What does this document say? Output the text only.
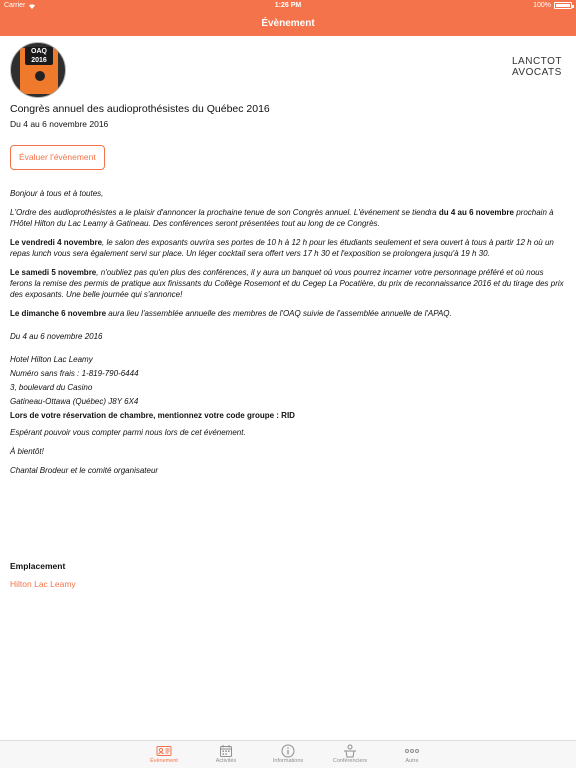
Carrier	1:26 PM	100%
Évènement
OAQ 2016	LANCTOT
AVOCATS
Congrès annuel des audioprothésistes du Québec 2016
Du 4 au 6 novembre 2016
Évaluer l'évènement

Bonjour à tous et à toutes,

L'Ordre des audioprothésistes a le plaisir d'annoncer la prochaine tenue de son Congrès annuel. L'événement se tiendra du 4 au 6 novembre prochain à l'Hôtel Hilton du Lac Leamy à Gatineau. Des conférences seront présentées tout au long de ce Congrès.

Le vendredi 4 novembre, le salon des exposants ouvrira ses portes de 10 h à 12 h pour les étudiants seulement et sera ouvert à tous à partir 12 h où un repas lunch vous sera également servi sur place. Un léger cocktail sera offert vers 17 h 30 et l'exposition se prolongera jusqu'à 19 h 30.

Le samedi 5 novembre, n'oubliez pas qu'en plus des conférences, il y aura un banquet où vous pourrez incarner votre personnage préféré et où nous ferons la remise des permis de pratique aux finissants du Collège Rosemont et du Cegep La Pocatière, du prix de reconnaissance 2016 et du tirage des prix des exposants. Une belle journée qui s'annonce!

Le dimanche 6 novembre aura lieu l'assemblée annuelle des membres de l'OAQ suivie de l'assemblée annuelle de l'APAQ.

Du 4 au 6 novembre 2016

Hotel Hilton Lac Leamy

Numéro sans frais : 1-819-790-6444

3, boulevard du Casino

Gatineau-Ottawa (Québec) J8Y 6X4

Lors de votre réservation de chambre, mentionnez votre code groupe : RID

Espérant pouvoir vous compter parmi nous lors de cet événement.

À bientôt!

Chantal Brodeur et le comité organisateur

Emplacement
Hilton Lac Leamy
Évènement	Activités	Informations	Conférenciers	Autre
